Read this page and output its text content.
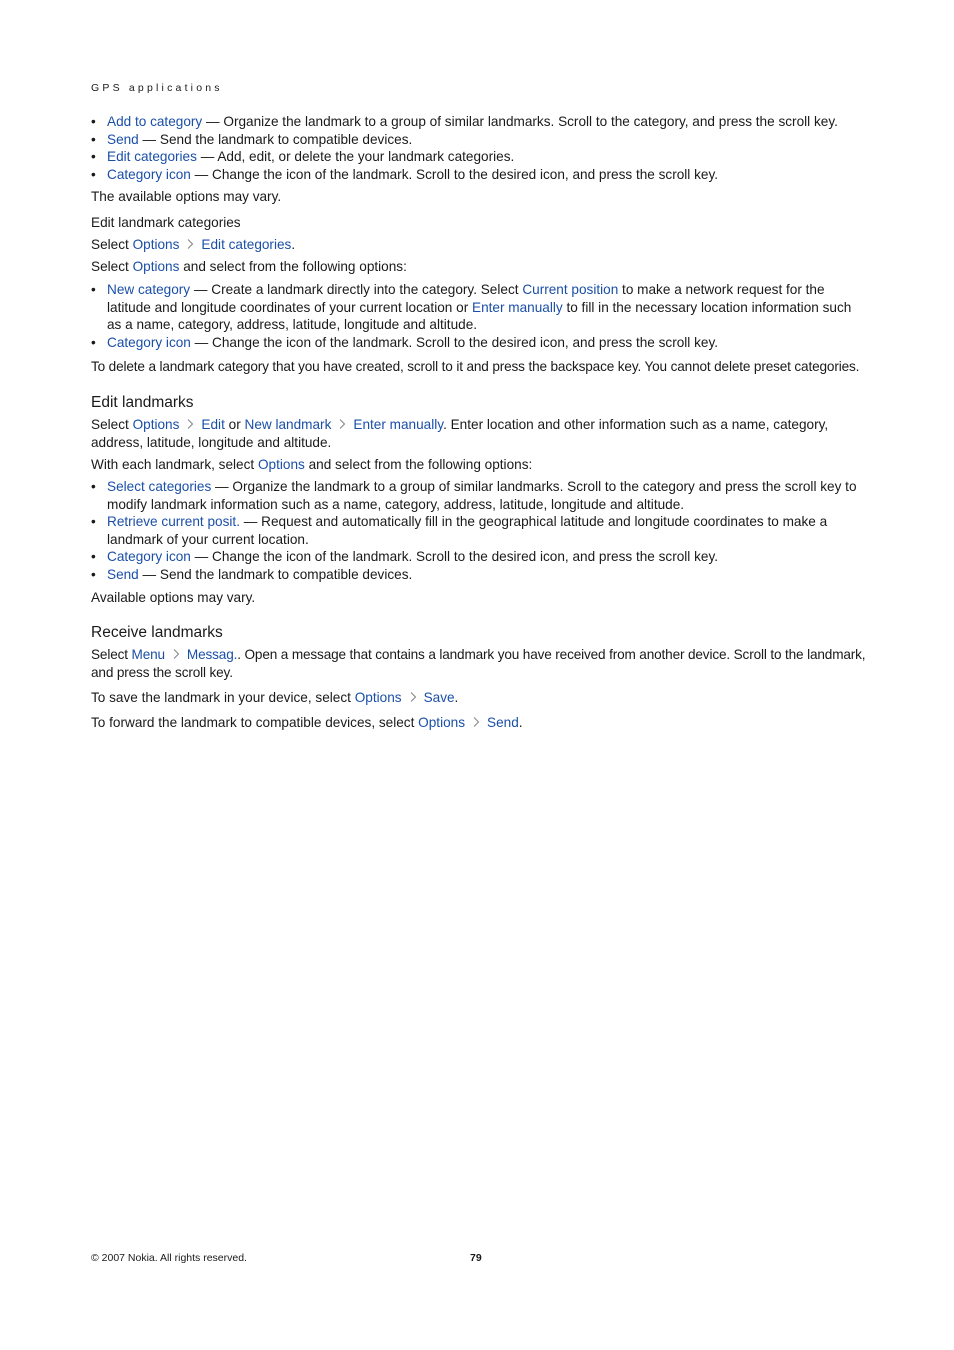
GPS applications
• Add to category — Organize the landmark to a group of similar landmarks. Scroll to the category, and press the scroll key.
• Send — Send the landmark to compatible devices.
• Edit categories — Add, edit, or delete the your landmark categories.
• Category icon — Change the icon of the landmark. Scroll to the desired icon, and press the scroll key.

The available options may vary.

Edit landmark categories

Select Options Edit categories.

Select Options and select from the following options:

• New category — Create a landmark directly into the category. Select Current position to make a network request for the latitude and longitude coordinates of your current location or Enter manually to fill in the necessary location information such as a name, category, address, latitude, longitude and altitude.
• Category icon — Change the icon of the landmark. Scroll to the desired icon, and press the scroll key.

To delete a landmark category that you have created, scroll to it and press the backspace key. You cannot delete preset categories.

Edit landmarks

Select Options Edit or New landmark Enter manually. Enter location and other information such as a name, category, address, latitude, longitude and altitude.

With each landmark, select Options and select from the following options:

• Select categories — Organize the landmark to a group of similar landmarks. Scroll to the category and press the scroll key to modify landmark information such as a name, category, address, latitude, longitude and altitude.
• Retrieve current posit. — Request and automatically fill in the geographical latitude and longitude coordinates to make a landmark of your current location.
• Category icon — Change the icon of the landmark. Scroll to the desired icon, and press the scroll key.
• Send — Send the landmark to compatible devices.

Available options may vary.

Receive landmarks

Select Menu Messag.. Open a message that contains a landmark you have received from another device. Scroll to the landmark, and press the scroll key.

To save the landmark in your device, select Options Save.

To forward the landmark to compatible devices, select Options Send.

© 2007 Nokia. All rights reserved.	79
